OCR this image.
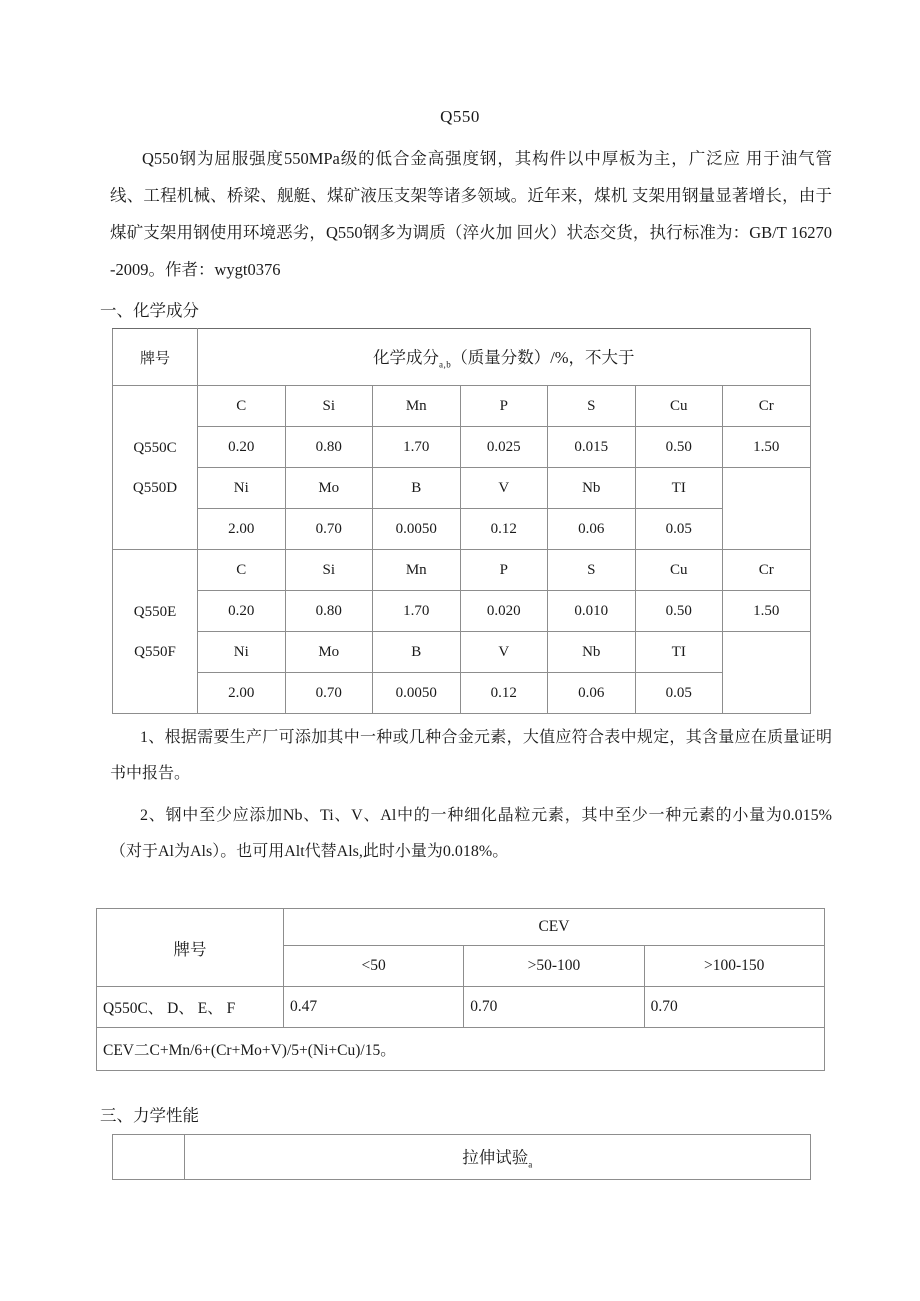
Q550

Q550钢为屈服强度550MPa级的低合金高强度钢，其构件以中厚板为主，广泛应 用于油气管线、工程机械、桥梁、舰艇、煤矿液压支架等诸多领域。近年来，煤机 支架用钢量显著增长，由于煤矿支架用钢使用环境恶劣，Q550钢多为调质（淬火加 回火）状态交货，执行标准为：GB/T 16270-2009。作者：wygt0376

一、化学成分
牌号	化学成分$_{a,b}$（质量分数）/%，不大于						

Q550C
Q550D	C	Si	Mn	P	S	Cu	Cr
	0.20	0.80	1.70	0.025	0.015	0.50	1.50
	Ni	Mo	B	V	Nb	TI	
	2.00	0.70	0.0050	0.12	0.06	0.05	

Q550E
Q550F	C	Si	Mn	P	S	Cu	Cr
	0.20	0.80	1.70	0.020	0.010	0.50	1.50
	Ni	Mo	B	V	Nb	TI	
	2.00	0.70	0.0050	0.12	0.06	0.05	

1、根据需要生产厂可添加其中一种或几种合金元素，大值应符合表中规定，其含量应在质量证明书中报告。

2、钢中至少应添加Nb、Ti、V、Al中的一种细化晶粒元素，其中至少一种元素的小量为0.015% （对于Al为Als）。也可用Alt代替Als,此时小量为0.018%。

牌号	CEV		
	<50	>50-100	>100-150
Q550C、 D、 E、 F	0.47	0.70	0.70
CEV二C+Mn/6+(Cr+Mo+V)/5+(Ni+Cu)/15。			
三、力学性能
	拉伸试验$_a$
